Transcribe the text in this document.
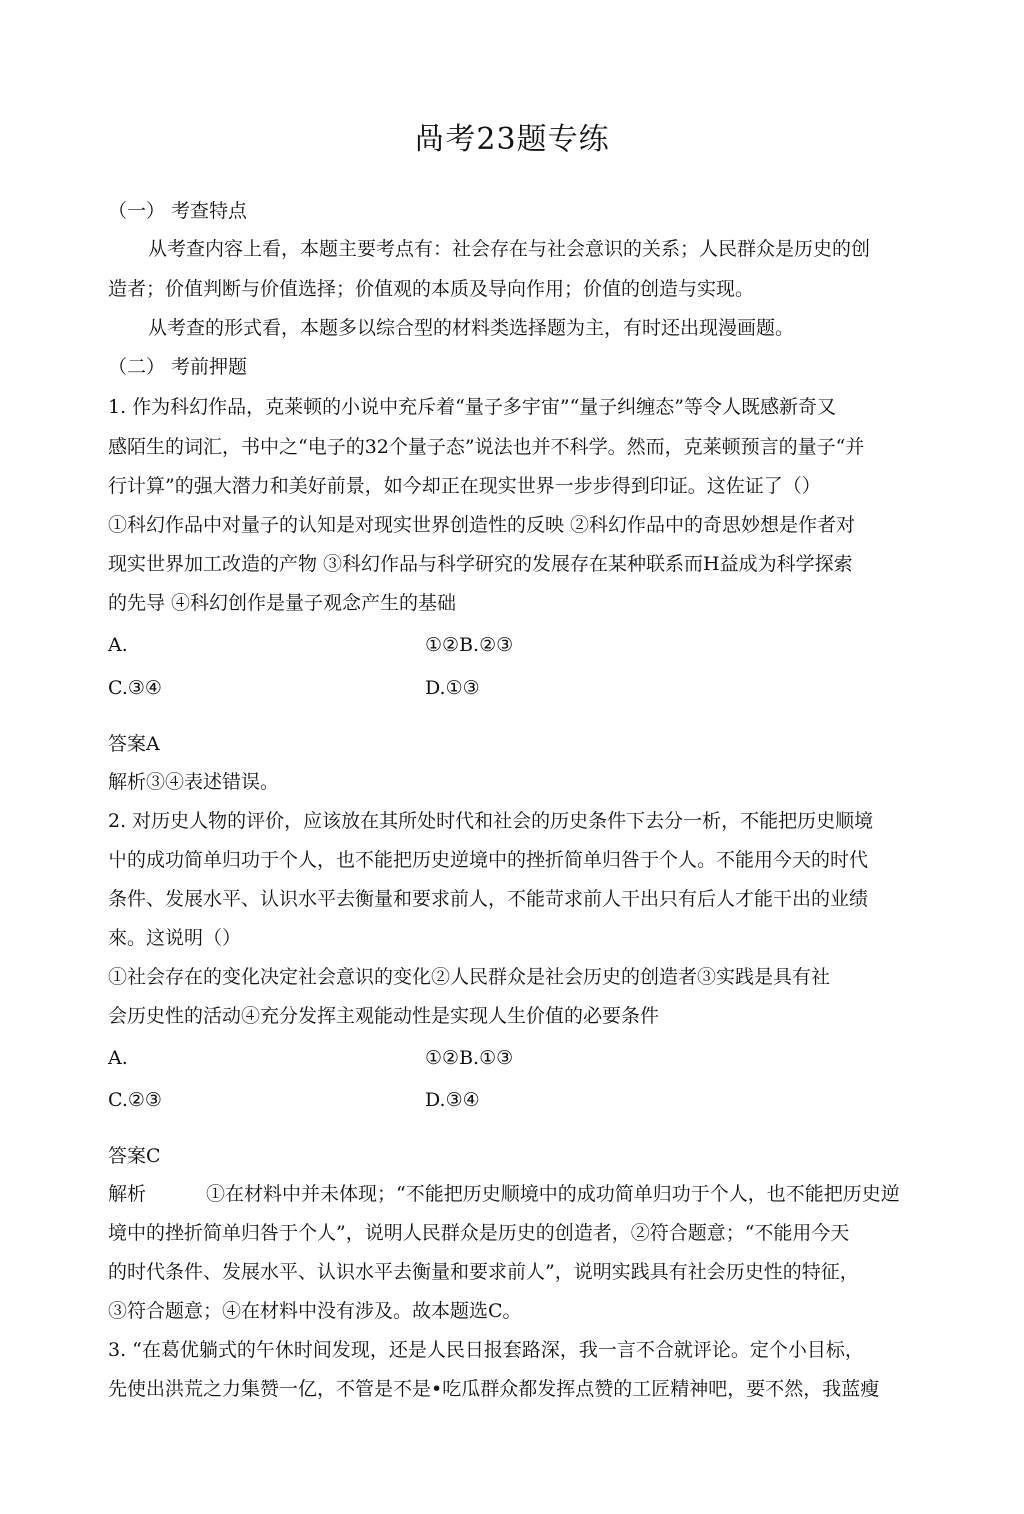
咼考23题专练
（一） 考查特点
从考查内容上看，本题主要考点有：社会存在与社会意识的关系；人民群众是历史的创
造者；价值判断与价值选择；价值观的本质及导向作用；价值的创造与实现。
从考查的形式看，本题多以综合型的材料类选择题为主，有时还出现漫画题。
（二） 考前押题
1. 作为科幻作品，克莱顿的小说中充斥着“量子多宇宙”“量子纠缠态”等令人既感新奇又
感陌生的词汇，书中之“电子的32个量子态”说法也并不科学。然而，克莱顿预言的量子“并
行计算”的强大潜力和美好前景，如今却正在现实世界一步步得到印证。这佐证了（）
①科幻作品中对量子的认知是对现实世界创造性的反映 ②科幻作品中的奇思妙想是作者对
现实世界加工改造的产物 ③科幻作品与科学研究的发展存在某种联系而H益成为科学探索
的先导 ④科幻创作是量子观念产生的基础
A.	①②B.②③
C.③④	D.①③
答案A
解析③④表述错误。
2. 对历史人物的评价，应该放在其所处时代和社会的历史条件下去分一析，不能把历史顺境
屮的成功简单归功于个人，也不能把历史逆境中的挫折简单归咎于个人。不能用今天的时代
条件、发展水平、认识水平去衡量和要求前人，不能苛求前人干出只有后人才能干出的业绩
來。这说明（）
①社会存在的变化决定社会意识的变化②人民群众是社会历史的创造者③实践是具有社
会历史性的活动④充分发挥主观能动性是实现人生价值的必要条件
A.	①②B.①③
C.②③	D.③④
答案C
解析	①在材料中并未体现；“不能把历史顺境中的成功简单归功于个人，也不能把历史逆
境中的挫折简单归咎于个人”，说明人民群众是历史的创造者，②符合题意；“不能用今天
的时代条件、发展水平、认识水平去衡量和要求前人”，说明实践具有社会历史性的特征，
③符合题意；④在材料中没有涉及。故本题选C。
3. “在葛优躺式的午休时间发现，还是人民日报套路深，我一言不合就评论。定个小目标，
先使出洪荒之力集赞一亿，不管是不是•吃瓜群众都发挥点赞的工匠精神吧，要不然，我蓝瘦
